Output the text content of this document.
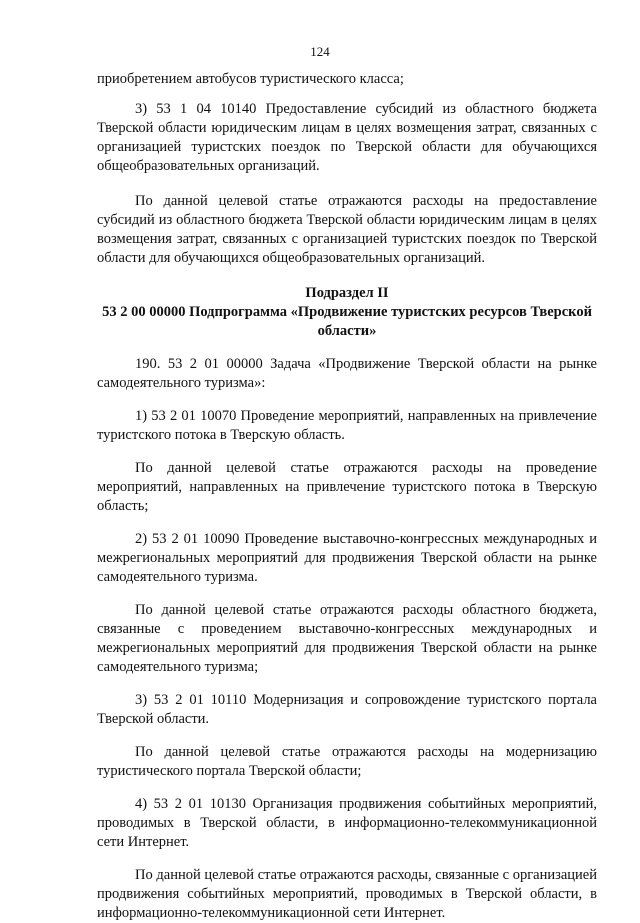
124

приобретением автобусов туристического класса;

3) 53 1 04 10140 Предоставление субсидий из областного бюджета Тверской области юридическим лицам в целях возмещения затрат, связанных с организацией туристских поездок по Тверской области для обучающихся общеобразовательных организаций.

По данной целевой статье отражаются расходы на предоставление субсидий из областного бюджета Тверской области юридическим лицам в целях возмещения затрат, связанных с организацией туристских поездок по Тверской области для обучающихся общеобразовательных организаций.

Подраздел II

53 2 00 00000 Подпрограмма «Продвижение туристских ресурсов Тверской области»

190. 53 2 01 00000 Задача «Продвижение Тверской области на рынке самодеятельного туризма»:

1) 53 2 01 10070 Проведение мероприятий, направленных на привлечение туристского потока в Тверскую область.

По данной целевой статье отражаются расходы на проведение мероприятий, направленных на привлечение туристского потока в Тверскую область;

2) 53 2 01 10090 Проведение выставочно-конгрессных международных и межрегиональных мероприятий для продвижения Тверской области на рынке самодеятельного туризма.

По данной целевой статье отражаются расходы областного бюджета, связанные с проведением выставочно-конгрессных международных и межрегиональных мероприятий для продвижения Тверской области на рынке самодеятельного туризма;

3) 53 2 01 10110 Модернизация и сопровождение туристского портала Тверской области.

По данной целевой статье отражаются расходы на модернизацию туристического портала Тверской области;

4) 53 2 01 10130 Организация продвижения событийных мероприятий, проводимых в Тверской области, в информационно-телекоммуникационной сети Интернет.

По данной целевой статье отражаются расходы, связанные с организацией продвижения событийных мероприятий, проводимых в Тверской области, в информационно-телекоммуникационной сети Интернет.
